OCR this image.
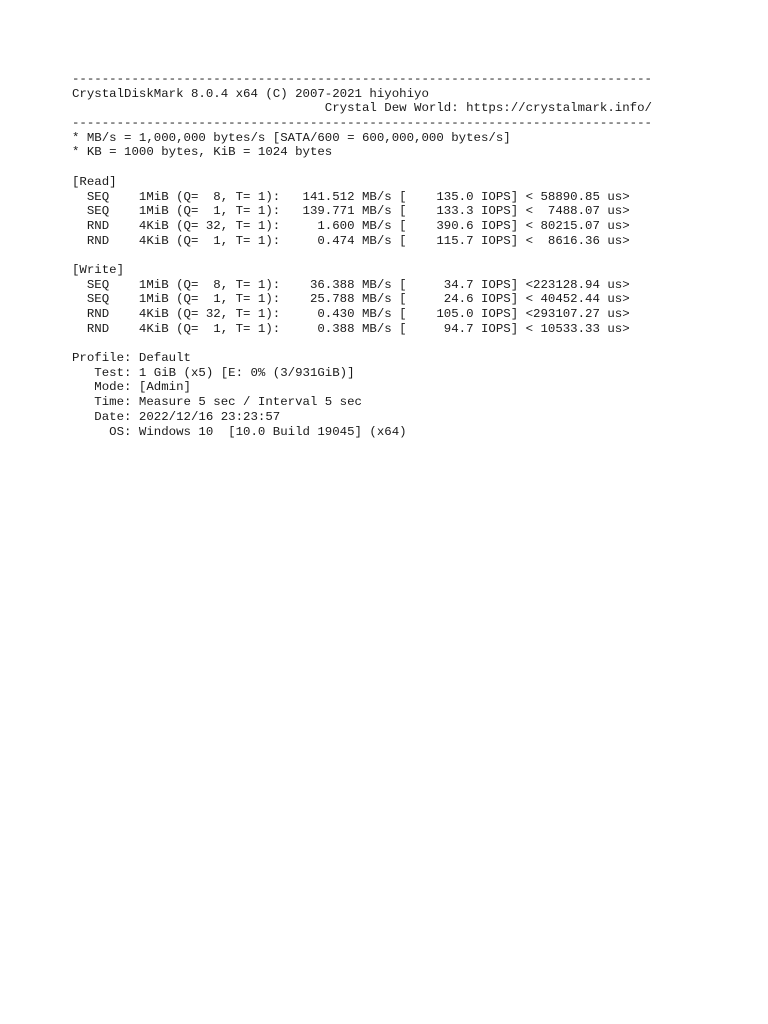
------------------------------------------------------------------------------
CrystalDiskMark 8.0.4 x64 (C) 2007-2021 hiyohiyo
Crystal Dew World: https://crystalmark.info/
------------------------------------------------------------------------------
* MB/s = 1,000,000 bytes/s [SATA/600 = 600,000,000 bytes/s]
* KB = 1000 bytes, KiB = 1024 bytes
[Read]
SEQ    1MiB (Q=  8, T= 1):   141.512 MB/s [    135.0 IOPS] < 58890.85 us>
SEQ    1MiB (Q=  1, T= 1):   139.771 MB/s [    133.3 IOPS] <  7488.07 us>
RND    4KiB (Q= 32, T= 1):     1.600 MB/s [    390.6 IOPS] < 80215.07 us>
RND    4KiB (Q=  1, T= 1):     0.474 MB/s [    115.7 IOPS] <  8616.36 us>
[Write]
SEQ    1MiB (Q=  8, T= 1):    36.388 MB/s [     34.7 IOPS] <223128.94 us>
SEQ    1MiB (Q=  1, T= 1):    25.788 MB/s [     24.6 IOPS] < 40452.44 us>
RND    4KiB (Q= 32, T= 1):     0.430 MB/s [    105.0 IOPS] <293107.27 us>
RND    4KiB (Q=  1, T= 1):     0.388 MB/s [     94.7 IOPS] < 10533.33 us>
Profile: Default
Test: 1 GiB (x5) [E: 0% (3/931GiB)]
Mode: [Admin]
Time: Measure 5 sec / Interval 5 sec
Date: 2022/12/16 23:23:57
OS: Windows 10  [10.0 Build 19045] (x64)
